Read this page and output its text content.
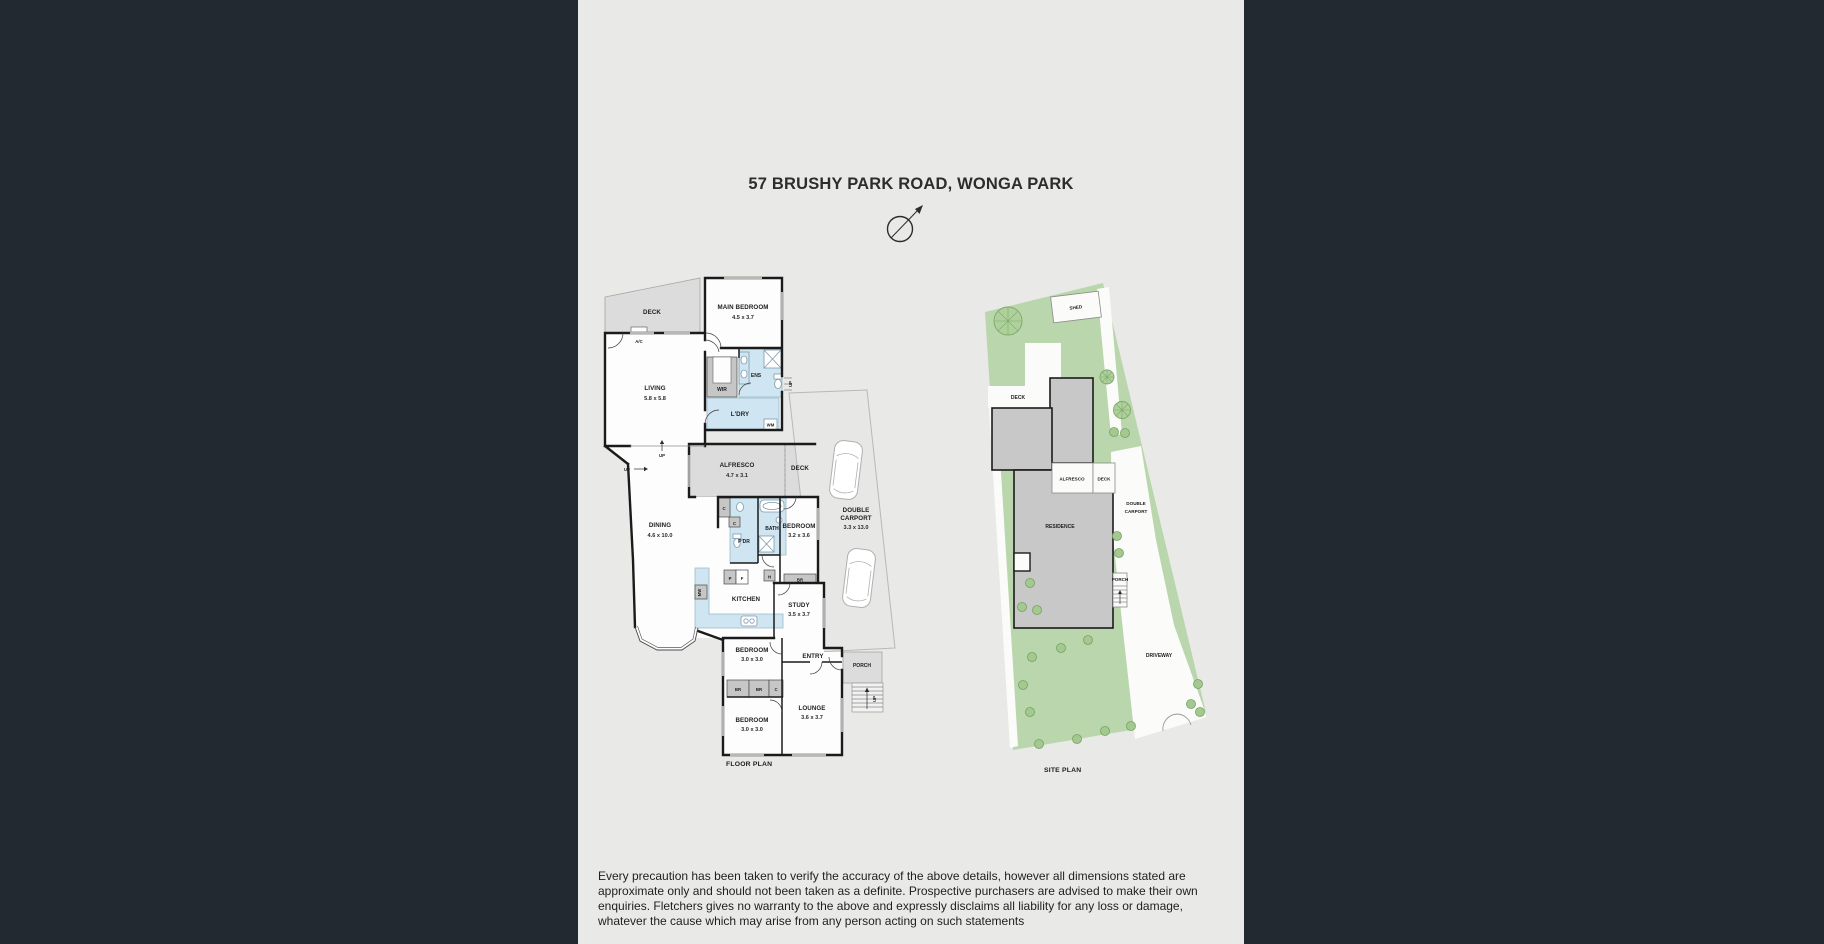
57 BRUSHY PARK ROAD, WONGA PARK
DECK
A/C
MAIN BEDROOM
4.5 x 3.7
WIR
ENS
LIVING
5.8 x 5.8
L'DRY
WM
UP
UP
UP
UP
ALFRESCO
4.7 x 3.1
DECK
DOUBLE
CARPORT
3.3 x 13.0
DINING
4.6 x 10.0
C
C
P'DR
BATH BEDROOM
3.2 x 3.6
BR
H
P F
MW
KITCHEN
STUDY
3.5 x 3.7
BEDROOM
3.0 x 3.0	ENTRY
PORCH
BR	BR	C
BEDROOM
3.0 x 3.0
LOUNGE
3.6 x 3.7
FLOOR PLAN
SHED
DECK
ALFRESCO	DECK
DOUBLE
CARPORT
RESIDENCE
PORCH
DRIVEWAY
SITE PLAN

Every precaution has been taken to verify the accuracy of the above details, however all dimensions stated are approximate only and should not been taken as a definite. Prospective purchasers are advised to make their own enquiries. Fletchers gives no warranty to the above and expressly disclaims all liability for any loss or damage, whatever the cause which may arise from any person acting on such statements
